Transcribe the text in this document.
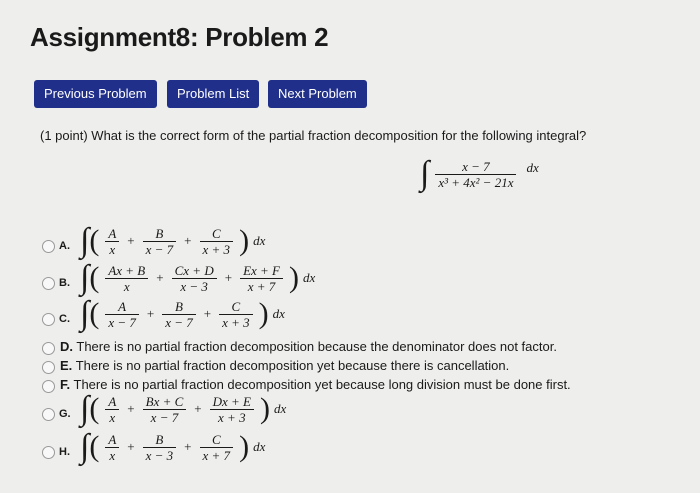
Assignment8: Problem 2
Previous Problem	Problem List	Next Problem
(1 point) What is the correct form of the partial fraction decomposition for the following integral?
∫ $\frac{x - 7}{\text{x³ + 4x² − 21x}} ^{dx}$
A. ∫( $\frac{A}{x} + \frac{B}{x - 7} + \frac{C}{x + 3}$ ) dx
B. ∫( $\frac{Ax + B}{x} + \frac{Cx + D}{x - 3} + \frac{Ex + F}{x + 7}$ ) dx
C. ∫( $\frac{A}{x - 7} + \frac{B}{x - 7} + \frac{C}{x + 3}$ ) dx
D. There is no partial fraction decomposition because the denominator does not factor.
E. There is no partial fraction decomposition yet because there is cancellation.
F. There is no partial fraction decomposition yet because long division must be done first.
G. ∫( $\frac{A}{x} + \frac{Bx + C}{x - 7} + \frac{Dx + E}{x + 3}$ ) dx
H. ∫( $\frac{A}{x} + \frac{B}{x - 3} + \frac{C}{x + 7}$ ) dx
